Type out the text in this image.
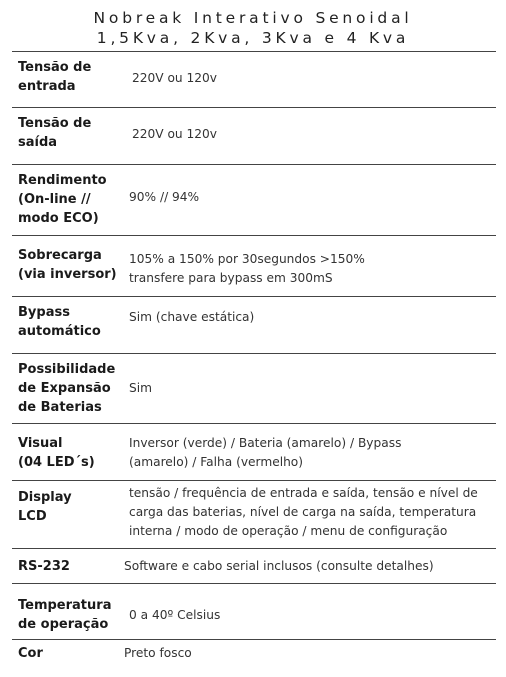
Nobreak Interativo Senoidal
1,5Kva, 2Kva, 3Kva e 4 Kva
Tensão de
entrada
220V ou 120v
Tensão de
saída
220V ou 120v
Rendimento
(On-line //
modo ECO)
90% // 94%
Sobrecarga
(via inversor)
105% a 150% por 30segundos >150%
transfere para bypass em 300mS
Bypass
automático
Sim (chave estática)
Possibilidade
de Expansão
de Baterias
Sim
Visual
(04 LED´s)
Inversor (verde) / Bateria (amarelo) / Bypass
(amarelo) / Falha (vermelho)
Display
LCD
tensão / frequência de entrada e saída, tensão e nível de
carga das baterias, nível de carga na saída, temperatura
interna / modo de operação / menu de configuração
RS-232	Software e cabo serial inclusos (consulte detalhes)
Temperatura
de operação
0 a 40º Celsius
Cor	Preto fosco
